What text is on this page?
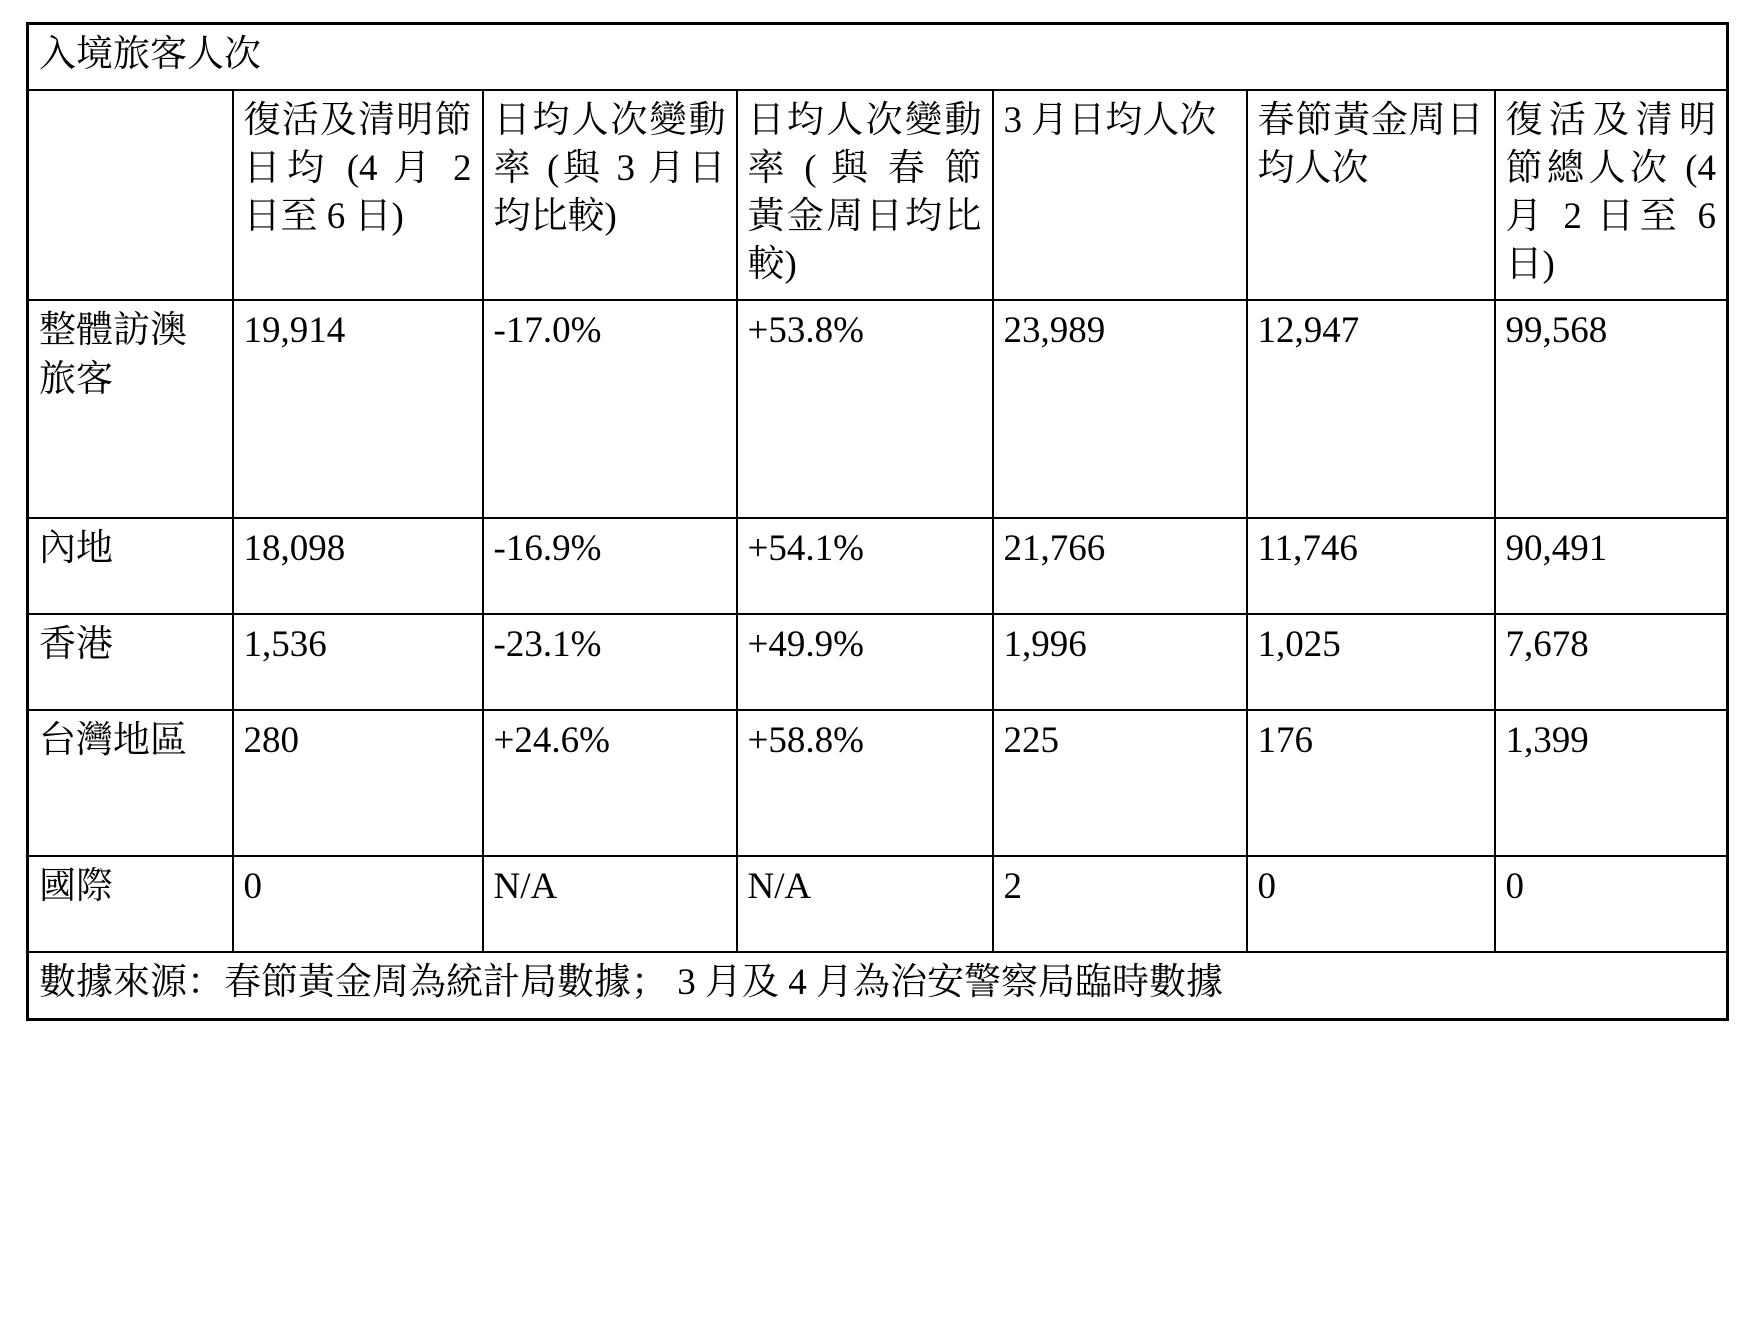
入境旅客人次						
	復活及清明節日均 (4 月 2 日至 6 日)	日均人次變動率 (與 3 月日均比較)	日均人次變動率 ( 與 春 節 黃金周日均比較)	3 月日均人次	春節黃金周日均人次	復活及清明節總人次 (4 月 2 日至 6 日)
整體訪澳旅客	19,914	-17.0%	+53.8%	23,989	12,947	99,568
內地	18,098	-16.9%	+54.1%	21,766	11,746	90,491
香港	1,536	-23.1%	+49.9%	1,996	1,025	7,678
台灣地區	280	+24.6%	+58.8%	225	176	1,399
國際	0	N/A	N/A	2	0	0
數據來源：春節黃金周為統計局數據； 3 月及 4 月為治安警察局臨時數據						
